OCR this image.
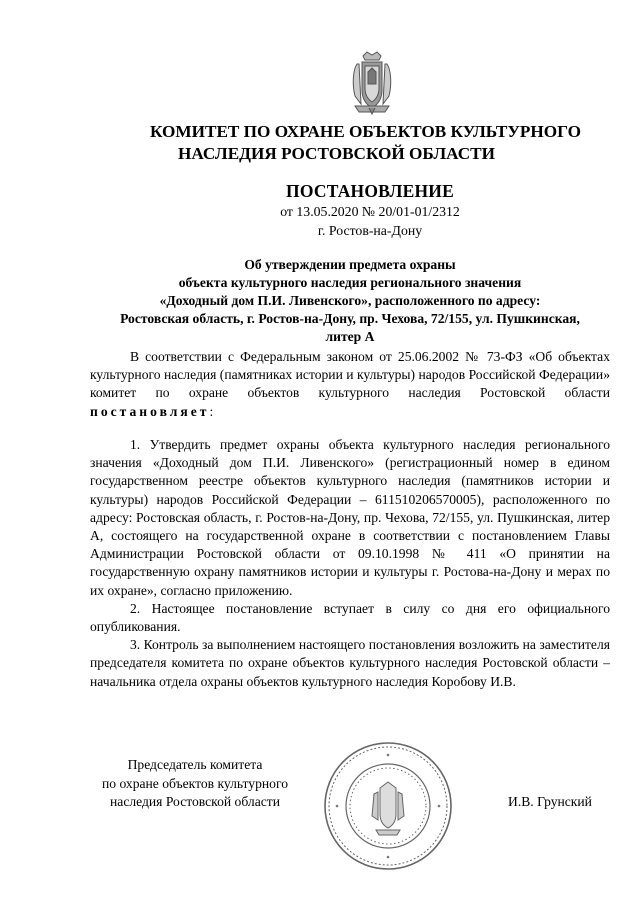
КОМИТЕТ ПО ОХРАНЕ ОБЪЕКТОВ КУЛЬТУРНОГО
НАСЛЕДИЯ РОСТОВСКОЙ ОБЛАСТИ
ПОСТАНОВЛЕНИЕ
от 13.05.2020 № 20/01-01/2312
г. Ростов-на-Дону
Об утверждении предмета охраны
объекта культурного наследия регионального значения
«Доходный дом П.И. Ливенского», расположенного по адресу:
Ростовская область, г. Ростов-на-Дону, пр. Чехова, 72/155, ул. Пушкинская,
литер А

В соответствии с Федеральным законом от 25.06.2002 № 73-ФЗ «Об объектах культурного наследия (памятниках истории и культуры) народов Российской Федерации» комитет по охране объектов культурного наследия Ростовской области постановляет:

1. Утвердить предмет охраны объекта культурного наследия регионального значения «Доходный дом П.И. Ливенского» (регистрационный номер в едином государственном реестре объектов культурного наследия (памятников истории и культуры) народов Российской Федерации – 611510206570005), расположенного по адресу: Ростовская область, г. Ростов-на-Дону, пр. Чехова, 72/155, ул. Пушкинская, литер А, состоящего на государственной охране в соответствии с постановлением Главы Администрации Ростовской области от 09.10.1998 № 411 «О принятии на государственную охрану памятников истории и культуры г. Ростова-на-Дону и мерах по их охране», согласно приложению.

2. Настоящее постановление вступает в силу со дня его официального опубликования.

3. Контроль за выполнением настоящего постановления возложить на заместителя председателя комитета по охране объектов культурного наследия Ростовской области – начальника отдела охраны объектов культурного наследия Коробову И.В.

Председатель комитета
по охране объектов культурного
наследия Ростовской области	И.В. Грунский
